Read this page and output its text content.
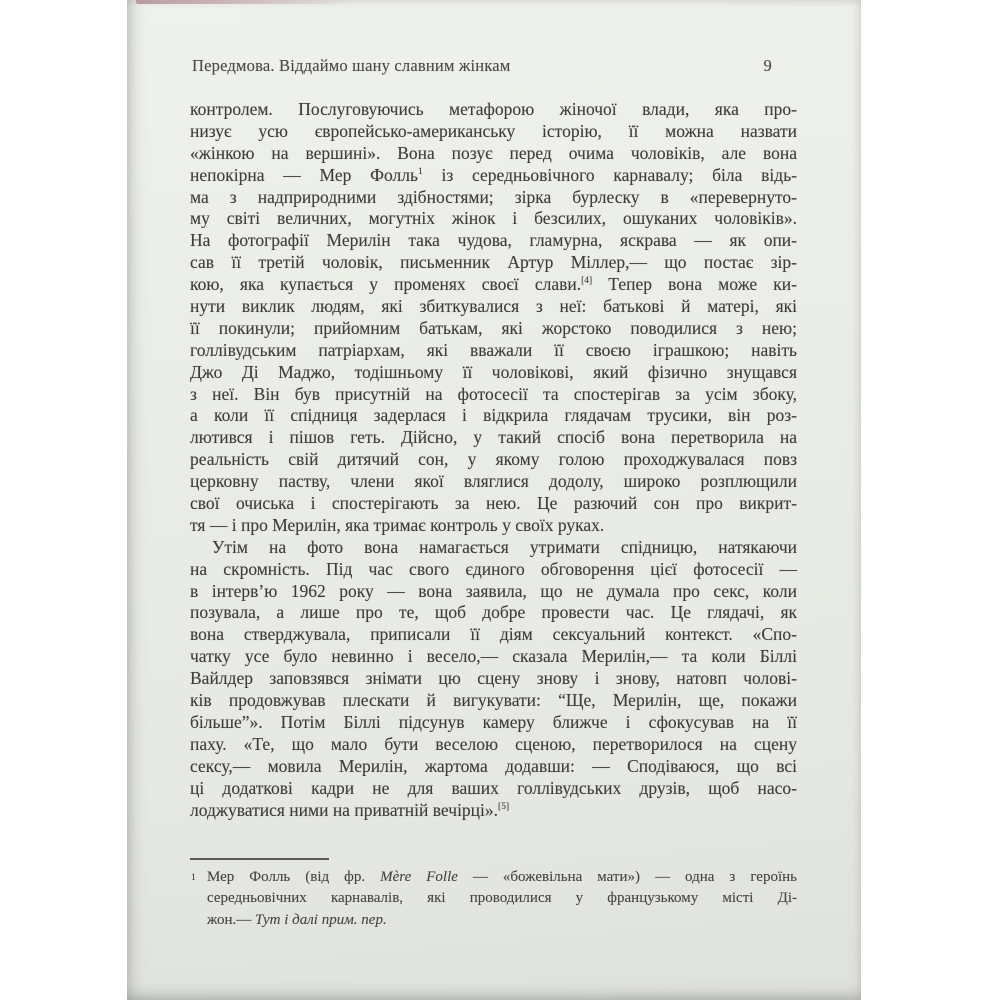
Передмова. Віддаймо шану славним жінкам	9
контролем. Послуговуючись метафорою жіночої влади, яка про-
низує усю європейсько-американську історію, її можна назвати
«жінкою на вершині». Вона позує перед очима чоловіків, але вона
непокірна — Мер Фолль$^1$ із середньовічного карнавалу; біла відь-
ма з надприродними здібностями; зірка бурлеску в «перевернуто-
му світі величних, могутніх жінок і безсилих, ошуканих чоловіків».
На фотографії Мерилін така чудова, гламурна, яскрава — як опи-
сав її третій чоловік, письменник Артур Міллер,— що постає зір-
кою, яка купається у променях своєї слави.[4] Тепер вона може ки-
нути виклик людям, які збиткувалися з неї: батькові й матері, які
її покинули; прийомним батькам, які жорстоко поводилися з нею;
голлівудським патріархам, які вважали її своєю іграшкою; навіть
Джо Ді Маджо, тодішньому її чоловікові, який фізично знущався
з неї. Він був присутній на фотосесії та спостерігав за усім збоку,
а коли її спідниця задерлася і відкрила глядачам трусики, він роз-
лютився і пішов геть. Дійсно, у такий спосіб вона перетворила на
реальність свій дитячий сон, у якому голою проходжувалася повз
церковну паству, члени якої вляглися додолу, широко розплющили
свої очиська і спостерігають за нею. Це разючий сон про викрит-
тя — і про Мерилін, яка тримає контроль у своїх руках.
Утім на фото вона намагається утримати спідницю, натякаючи
на скромність. Під час свого єдиного обговорення цієї фотосесії —
в інтерв’ю 1962 року — вона заявила, що не думала про секс, коли
позувала, а лише про те, щоб добре провести час. Це глядачі, як
вона стверджувала, приписали її діям сексуальний контекст. «Спо-
чатку усе було невинно і весело,— сказала Мерилін,— та коли Біллі
Вайлдер заповзявся знімати цю сцену знову і знову, натовп чолові-
ків продовжував плескати й вигукувати: “Ще, Мерилін, ще, покажи
більше”». Потім Біллі підсунув камеру ближче і сфокусував на її
паху. «Те, що мало бути веселою сценою, перетворилося на сцену
сексу,— мовила Мерилін, жартома додавши: — Сподіваюся, що всі
ці додаткові кадри не для ваших голлівудських друзів, щоб насо-
лоджуватися ними на приватній вечірці».[5]
1 Мер Фолль (від фр. Mère Folle — «божевільна мати») — одна з героїнь
середньовічних карнавалів, які проводилися у французькому місті Ді-
жон.— Тут і далі прим. пер.
